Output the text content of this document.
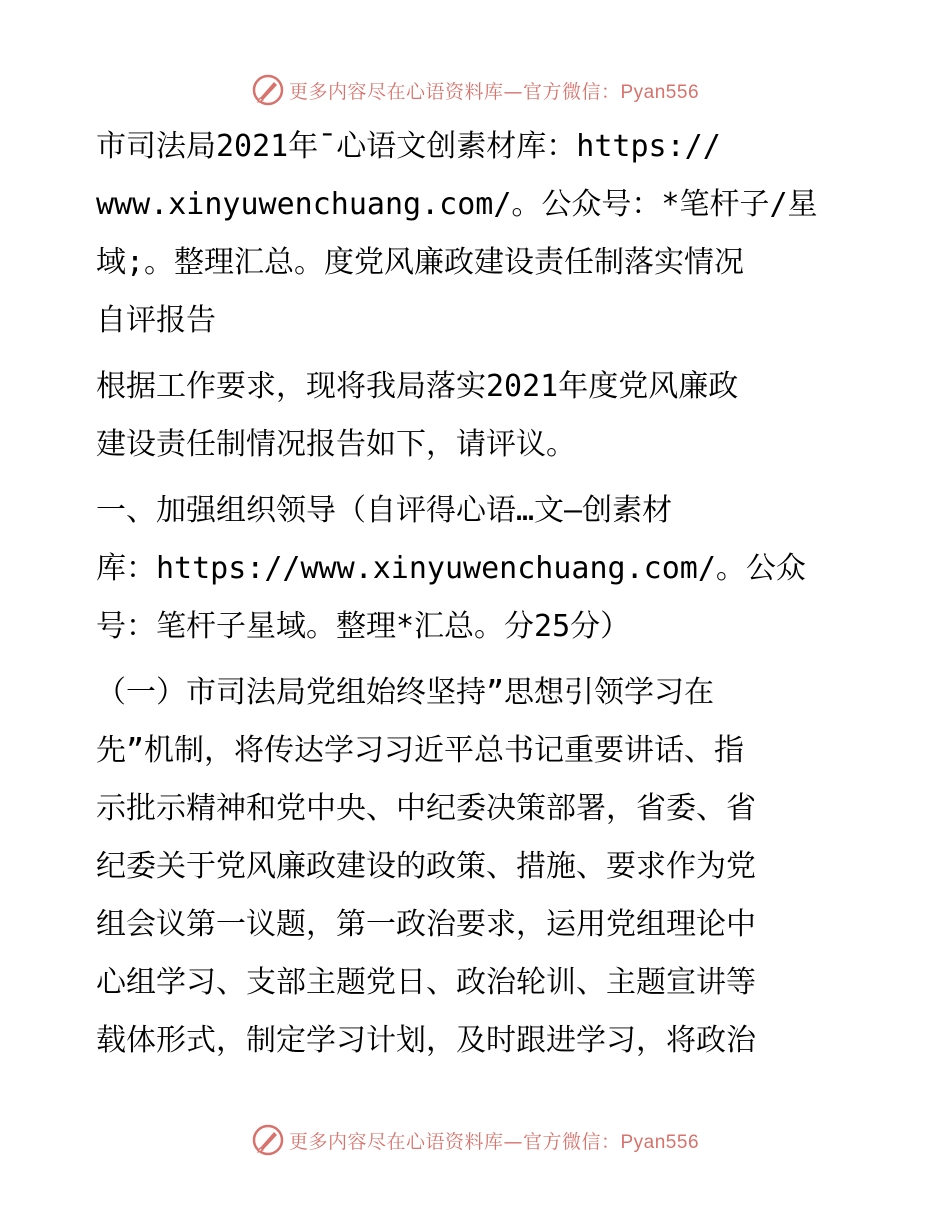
更多内容尽在心语资料库—官方微信：Pyan556

市司法局2021年¯心语文创素材库：https://
www.xinyuwenchuang.com/。公众号：*笔杆子/星
域;。整理汇总。度党风廉政建设责任制落实情况
自评报告

根据工作要求，现将我局落实2021年度党风廉政
建设责任制情况报告如下，请评议。

一、加强组织领导（自评得心语…文—创素材
库：https://www.xinyuwenchuang.com/。公众
号：笔杆子星域。整理*汇总。分25分）

（一）市司法局党组始终坚持”思想引领学习在
先”机制，将传达学习习近平总书记重要讲话、指
示批示精神和党中央、中纪委决策部署，省委、省
纪委关于党风廉政建设的政策、措施、要求作为党
组会议第一议题，第一政治要求，运用党组理论中
心组学习、支部主题党日、政治轮训、主题宣讲等
载体形式，制定学习计划，及时跟进学习，将政治

更多内容尽在心语资料库—官方微信：Pyan556
